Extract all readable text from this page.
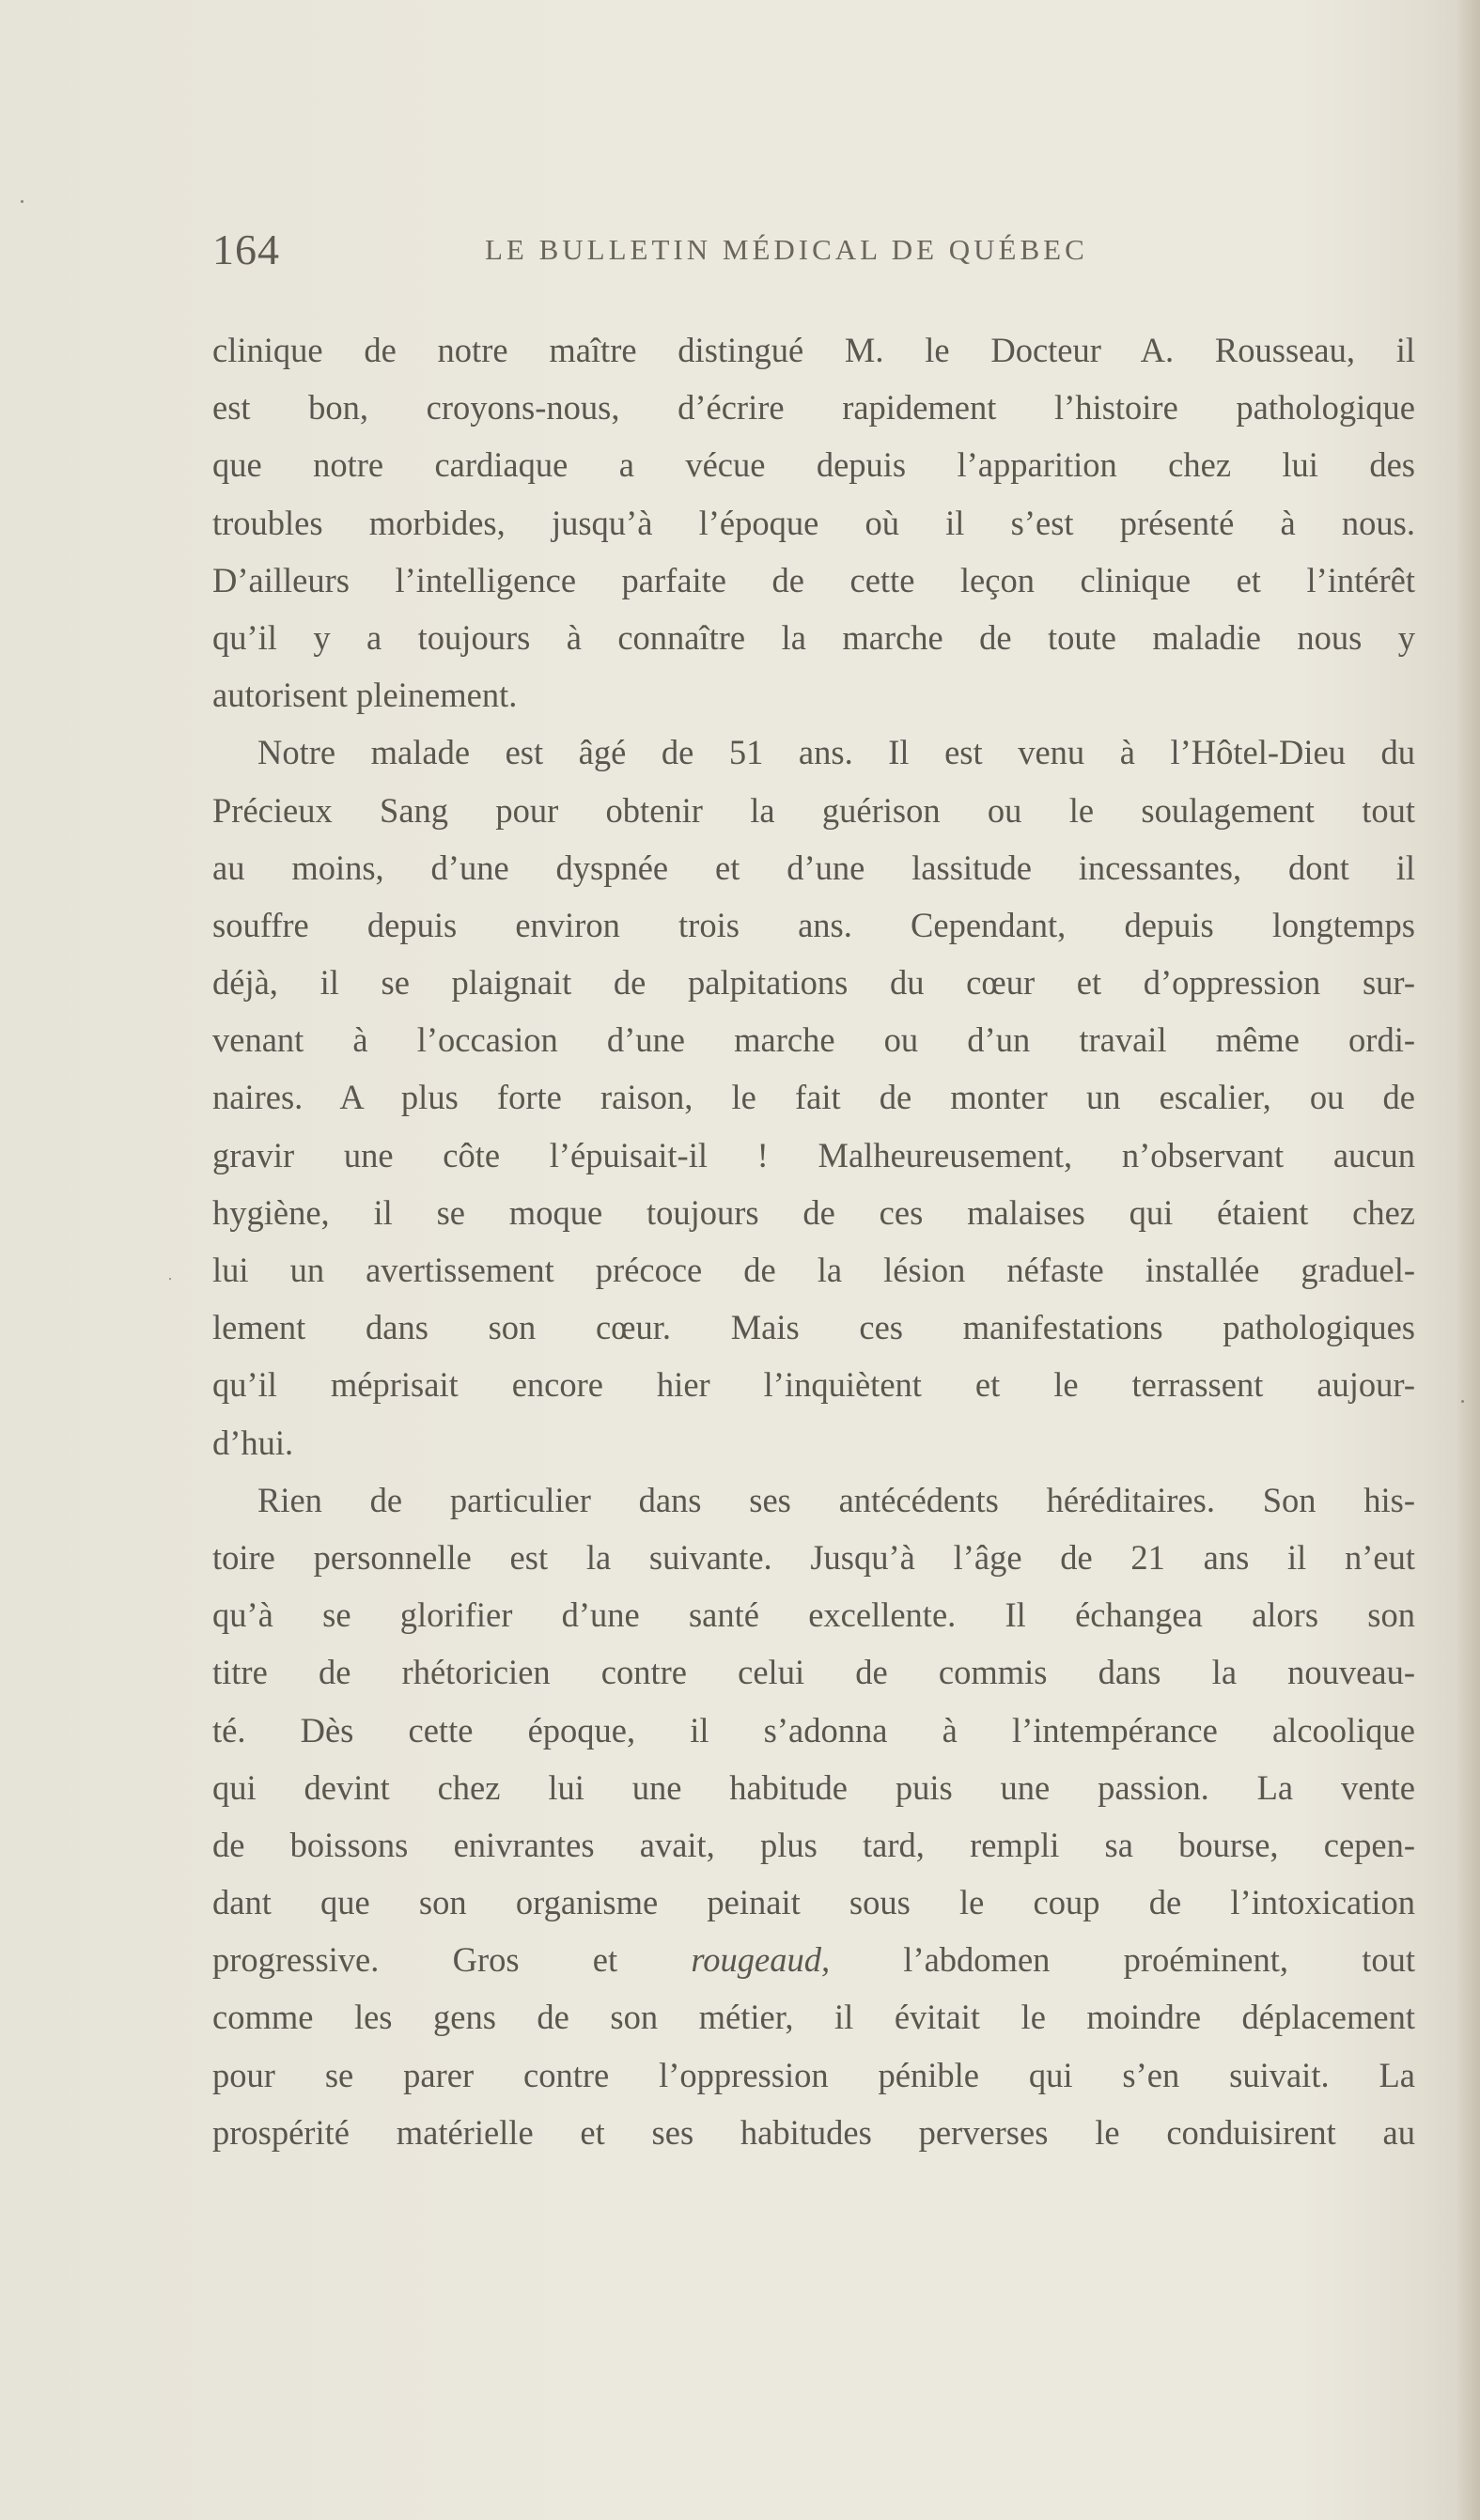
164	LE BULLETIN MÉDICAL DE QUÉBEC
clinique de notre maître distingué M. le Docteur A. Rousseau, il
est bon, croyons-nous, d’écrire rapidement l’histoire pathologique
que notre cardiaque a vécue depuis l’apparition chez lui des
troubles morbides, jusqu’à l’époque où il s’est présenté à nous.
D’ailleurs l’intelligence parfaite de cette leçon clinique et l’intérêt
qu’il y a toujours à connaître la marche de toute maladie nous y
autorisent pleinement.
Notre malade est âgé de 51 ans. Il est venu à l’Hôtel-Dieu du
Précieux Sang pour obtenir la guérison ou le soulagement tout
au moins, d’une dyspnée et d’une lassitude incessantes, dont il
souffre depuis environ trois ans. Cependant, depuis longtemps
déjà, il se plaignait de palpitations du cœur et d’oppression sur-
venant à l’occasion d’une marche ou d’un travail même ordi-
naires. A plus forte raison, le fait de monter un escalier, ou de
gravir une côte l’épuisait-il ! Malheureusement, n’observant aucun
hygiène, il se moque toujours de ces malaises qui étaient chez
lui un avertissement précoce de la lésion néfaste installée graduel-
lement dans son cœur. Mais ces manifestations pathologiques
qu’il méprisait encore hier l’inquiètent et le terrassent aujour-
d’hui.
Rien de particulier dans ses antécédents héréditaires. Son his-
toire personnelle est la suivante. Jusqu’à l’âge de 21 ans il n’eut
qu’à se glorifier d’une santé excellente. Il échangea alors son
titre de rhétoricien contre celui de commis dans la nouveau-
té. Dès cette époque, il s’adonna à l’intempérance alcoolique
qui devint chez lui une habitude puis une passion. La vente
de boissons enivrantes avait, plus tard, rempli sa bourse, cepen-
dant que son organisme peinait sous le coup de l’intoxication
progressive. Gros et rougeaud, l’abdomen proéminent, tout
comme les gens de son métier, il évitait le moindre déplacement
pour se parer contre l’oppression pénible qui s’en suivait. La
prospérité matérielle et ses habitudes perverses le conduisirent au
